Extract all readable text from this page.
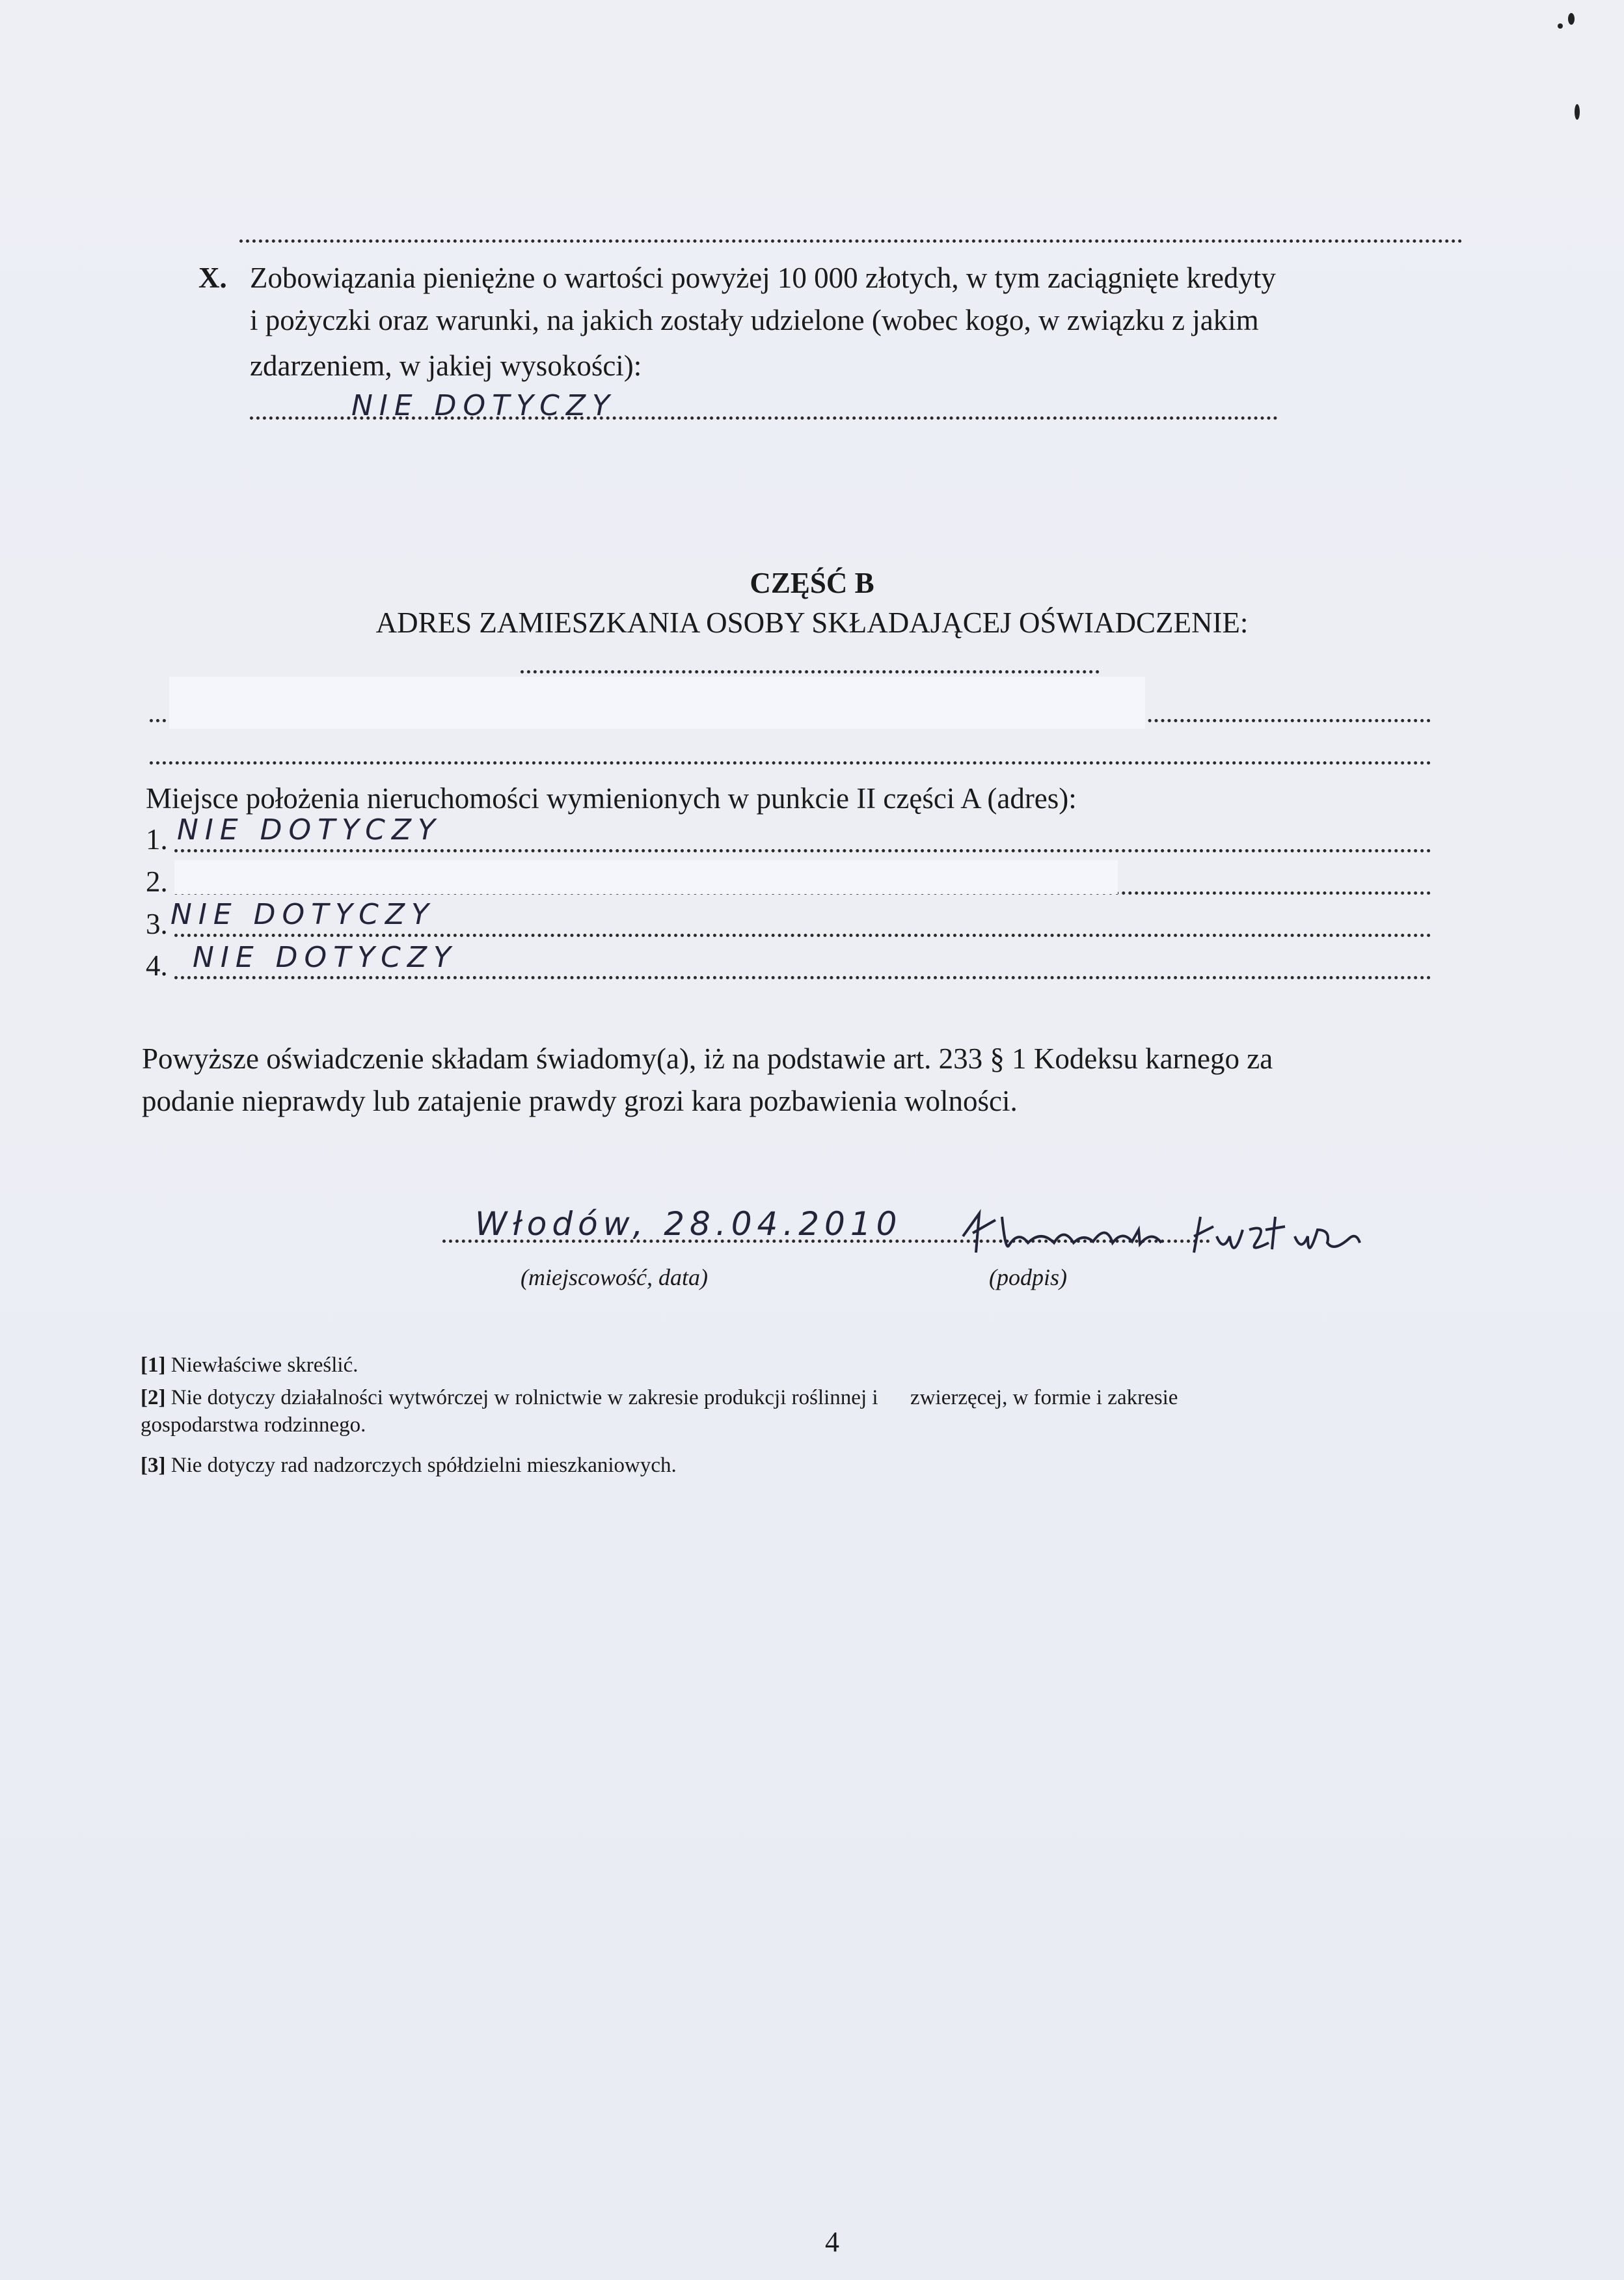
X. Zobowiązania pieniężne o wartości powyżej 10 000 złotych, w tym zaciągnięte kredyty
i pożyczki oraz warunki, na jakich zostały udzielone (wobec kogo, w związku z jakim
zdarzeniem, w jakiej wysokości):
NIE DOTYCZY
CZĘŚĆ B
ADRES ZAMIESZKANIA OSOBY SKŁADAJĄCEJ OŚWIADCZENIE:
Miejsce położenia nieruchomości wymienionych w punkcie II części A (adres):
1. NIE DOTYCZY
2.
3. NIE DOTYCZY
4. NIE DOTYCZY
Powyższe oświadczenie składam świadomy(a), iż na podstawie art. 233 § 1 Kodeksu karnego za
podanie nieprawdy lub zatajenie prawdy grozi kara pozbawienia wolności.
Włodów, 28.04.2010
(miejscowość, data)	(podpis)
[1] Niewłaściwe skreślić.
[2] Nie dotyczy działalności wytwórczej w rolnictwie w zakresie produkcji roślinnej i      zwierzęcej, w formie i zakresie
gospodarstwa rodzinnego.
[3] Nie dotyczy rad nadzorczych spółdzielni mieszkaniowych.
4
